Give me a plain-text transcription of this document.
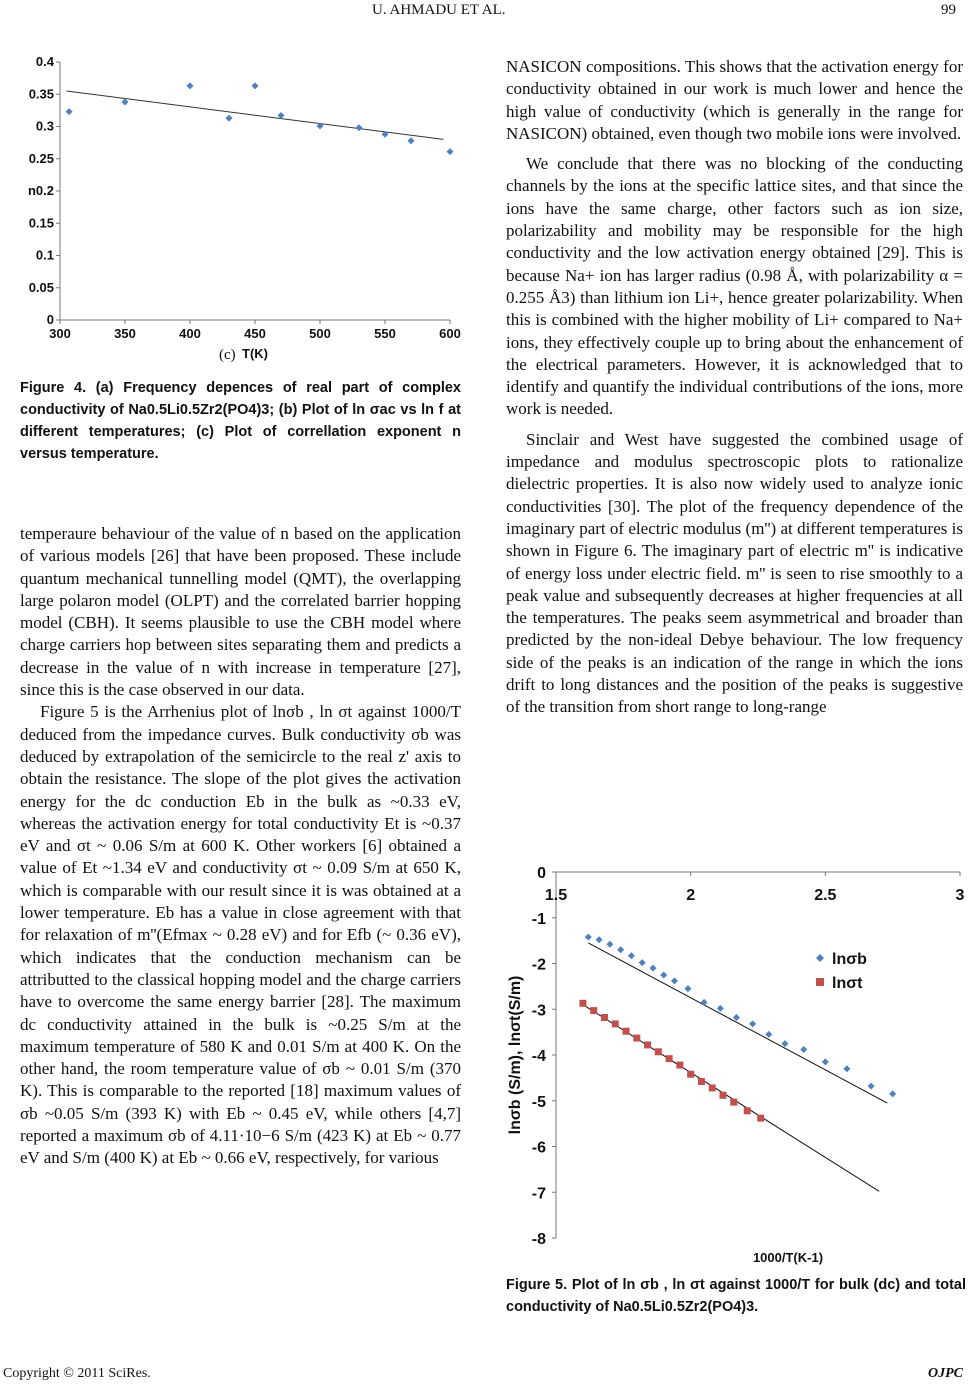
U. AHMADU ET AL.	99
0
0.05
0.1
0.15
0.2
0.25
0.3
0.35
0.4
300	350	400	450	500	550	600
T(K)
n
(c)
Figure 4. (a) Frequency depences of real part of complex conductivity of Na0.5Li0.5Zr2(PO4)3; (b) Plot of ln σac vs ln f at different temperatures; (c) Plot of correllation exponent n versus temperature.

temperaure behaviour of the value of n based on the application of various models [26] that have been proposed. These include quantum mechanical tunnelling model (QMT), the overlapping large polaron model (OLPT) and the correlated barrier hopping model (CBH). It seems plausible to use the CBH model where charge carriers hop between sites separating them and predicts a decrease in the value of n with increase in temperature [27], since this is the case observed in our data.

Figure 5 is the Arrhenius plot of lnσb , ln σt against 1000/T deduced from the impedance curves. Bulk conductivity σb was deduced by extrapolation of the semicircle to the real z' axis to obtain the resistance. The slope of the plot gives the activation energy for the dc conduction Eb in the bulk as ~0.33 eV, whereas the activation energy for total conductivity Et is ~0.37 eV and σt ~ 0.06 S/m at 600 K. Other workers [6] obtained a value of Et ~1.34 eV and conductivity σt ~ 0.09 S/m at 650 K, which is comparable with our result since it is was obtained at a lower temperature. Eb has a value in close agreement with that for relaxation of m''(Efmax ~ 0.28 eV) and for Efb (~ 0.36 eV), which indicates that the conduction mechanism can be attributted to the classical hopping model and the charge carriers have to overcome the same energy barrier [28]. The maximum dc conductivity attained in the bulk is ~0.25 S/m at the maximum temperature of 580 K and 0.01 S/m at 400 K. On the other hand, the room temperature value of σb ~ 0.01 S/m (370 K). This is comparable to the reported [18] maximum values of σb ~0.05 S/m (393 K) with Eb ~ 0.45 eV, while others [4,7] reported a maximum σb of 4.11·10−6 S/m (423 K) at Eb ~ 0.77 eV and S/m (400 K) at Eb ~ 0.66 eV, respectively, for various

NASICON compositions. This shows that the activation energy for conductivity obtained in our work is much lower and hence the high value of conductivity (which is generally in the range for NASICON) obtained, even though two mobile ions were involved.

We conclude that there was no blocking of the conducting channels by the ions at the specific lattice sites, and that since the ions have the same charge, other factors such as ion size, polarizability and mobility may be responsible for the high conductivity and the low activation energy obtained [29]. This is because Na+ ion has larger radius (0.98 Å, with polarizability α = 0.255 Å3) than lithium ion Li+, hence greater polarizability. When this is combined with the higher mobility of Li+ compared to Na+ ions, they effectively couple up to bring about the enhancement of the electrical parameters. However, it is acknowledged that to identify and quantify the individual contributions of the ions, more work is needed.

Sinclair and West have suggested the combined usage of impedance and modulus spectroscopic plots to rationalize dielectric properties. It is also now widely used to analyze ionic conductivities [30]. The plot of the frequency dependence of the imaginary part of electric modulus (m'') at different temperatures is shown in Figure 6. The imaginary part of electric m'' is indicative of energy loss under electric field. m'' is seen to rise smoothly to a peak value and subsequently decreases at higher frequencies at all the temperatures. The peaks seem asymmetrical and broader than predicted by the non-ideal Debye behaviour. The low frequency side of the peaks is an indication of the range in which the ions drift to long distances and the position of the peaks is suggestive of the transition from short range to long-range

0
-1
-2
-3
-4
-5
-6
-7
-8
1.5	2	2.5	3
1000/T(K-1)
lnσb (S/m), lnσt(S/m)
lnσb
lnσt
Figure 5. Plot of ln σb , ln σt against 1000/T for bulk (dc) and total conductivity of Na0.5Li0.5Zr2(PO4)3.
Copyright © 2011 SciRes.	OJPC
